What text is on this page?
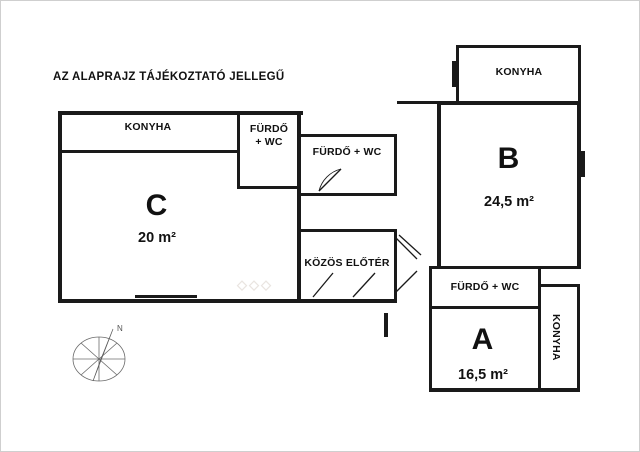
AZ ALAPRAJZ TÁJÉKOZTATÓ JELLEGŰ
◇◇◇
KONYHA	FÜRDŐ
+ WC
FÜRDŐ + WC
KONYHA
KÖZÖS ELŐTÉR
FÜRDŐ + WC
KONYHA
C
20 m²
B
24,5 m²
A
16,5 m²
N
